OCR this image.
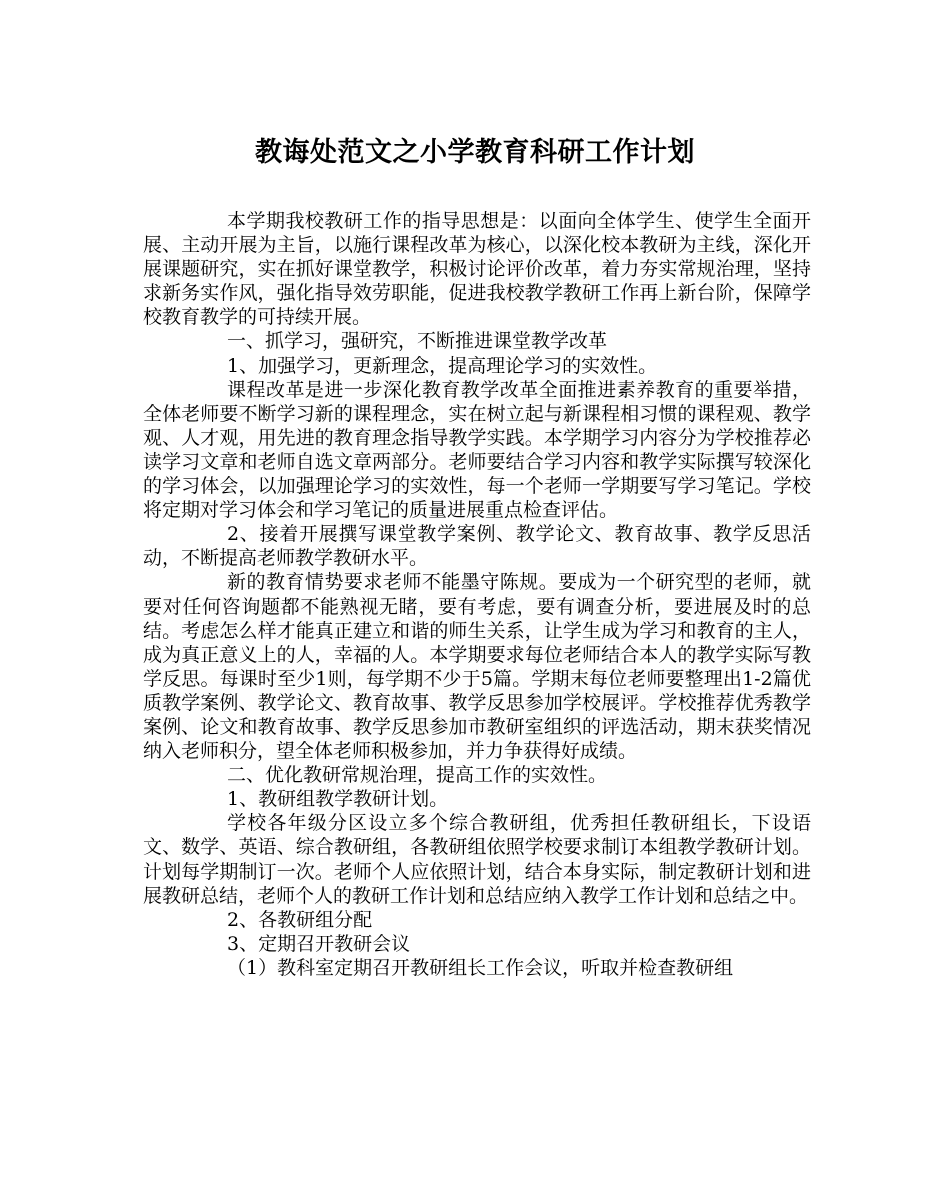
教诲处范文之小学教育科研工作计划

本学期我校教研工作的指导思想是：以面向全体学生、使学生全面开展、主动开展为主旨，以施行课程改革为核心，以深化校本教研为主线，深化开展课题研究，实在抓好课堂教学，积极讨论评价改革，着力夯实常规治理，坚持求新务实作风，强化指导效劳职能，促进我校教学教研工作再上新台阶，保障学校教育教学的可持续开展。

一、抓学习，强研究，不断推进课堂教学改革

1、加强学习，更新理念，提高理论学习的实效性。

课程改革是进一步深化教育教学改革全面推进素养教育的重要举措，全体老师要不断学习新的课程理念，实在树立起与新课程相习惯的课程观、教学观、人才观，用先进的教育理念指导教学实践。本学期学习内容分为学校推荐必读学习文章和老师自选文章两部分。老师要结合学习内容和教学实际撰写较深化的学习体会，以加强理论学习的实效性，每一个老师一学期要写学习笔记。学校将定期对学习体会和学习笔记的质量进展重点检查评估。

2、接着开展撰写课堂教学案例、教学论文、教育故事、教学反思活动，不断提高老师教学教研水平。

新的教育情势要求老师不能墨守陈规。要成为一个研究型的老师，就要对任何咨询题都不能熟视无睹，要有考虑，要有调查分析，要进展及时的总结。考虑怎么样才能真正建立和谐的师生关系，让学生成为学习和教育的主人，成为真正意义上的人，幸福的人。本学期要求每位老师结合本人的教学实际写教学反思。每课时至少1则，每学期不少于5篇。学期末每位老师要整理出1-2篇优质教学案例、教学论文、教育故事、教学反思参加学校展评。学校推荐优秀教学案例、论文和教育故事、教学反思参加市教研室组织的评选活动，期末获奖情况纳入老师积分，望全体老师积极参加，并力争获得好成绩。

二、优化教研常规治理，提高工作的实效性。

1、教研组教学教研计划。

学校各年级分区设立多个综合教研组，优秀担任教研组长，下设语文、数学、英语、综合教研组，各教研组依照学校要求制订本组教学教研计划。计划每学期制订一次。老师个人应依照计划，结合本身实际，制定教研计划和进展教研总结，老师个人的教研工作计划和总结应纳入教学工作计划和总结之中。

2、各教研组分配

3、定期召开教研会议

（1）教科室定期召开教研组长工作会议，听取并检查教研组
